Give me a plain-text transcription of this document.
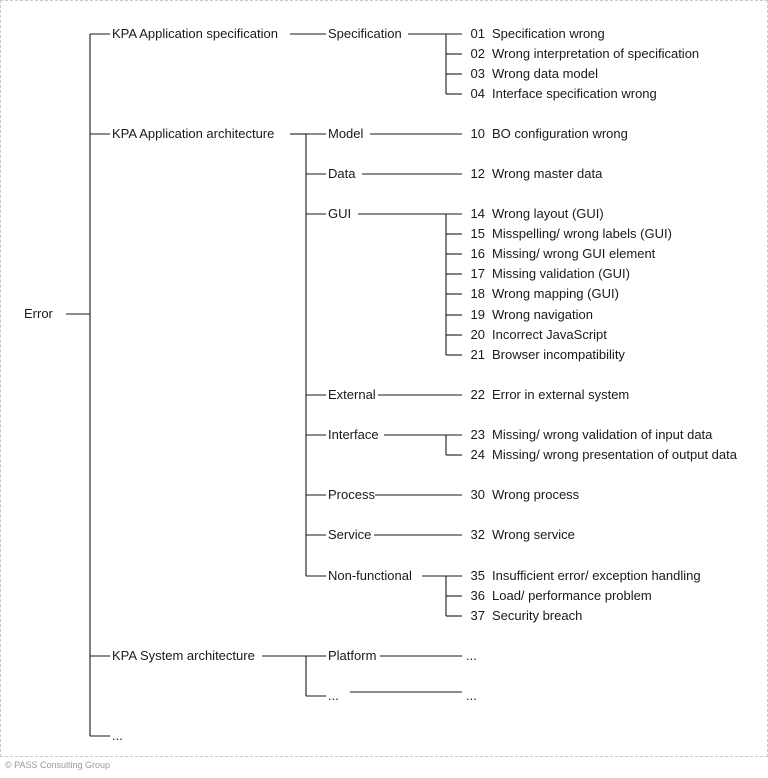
Error
KPA Application specification
KPA Application architecture
KPA System architecture
...
Specification
Model
Data
GUI
External
Interface
Process
Service
Non-functional
Platform
...
01
02
03
04
10
12
14
15
16
17
18
19
20
21
22
23
24
30
32
35
36
37
Specification wrong
Wrong interpretation of specification
Wrong data model
Interface specification wrong
BO configuration wrong
Wrong master data
Wrong layout (GUI)
Misspelling/ wrong labels (GUI)
Missing/ wrong GUI element
Missing validation (GUI)
Wrong mapping (GUI)
Wrong navigation
Incorrect JavaScript
Browser incompatibility
Error in external system
Missing/ wrong validation of input data
Missing/ wrong presentation of output data
Wrong process
Wrong service
Insufficient error/ exception handling
Load/ performance problem
Security breach
...
...
© PASS Consulting Group
